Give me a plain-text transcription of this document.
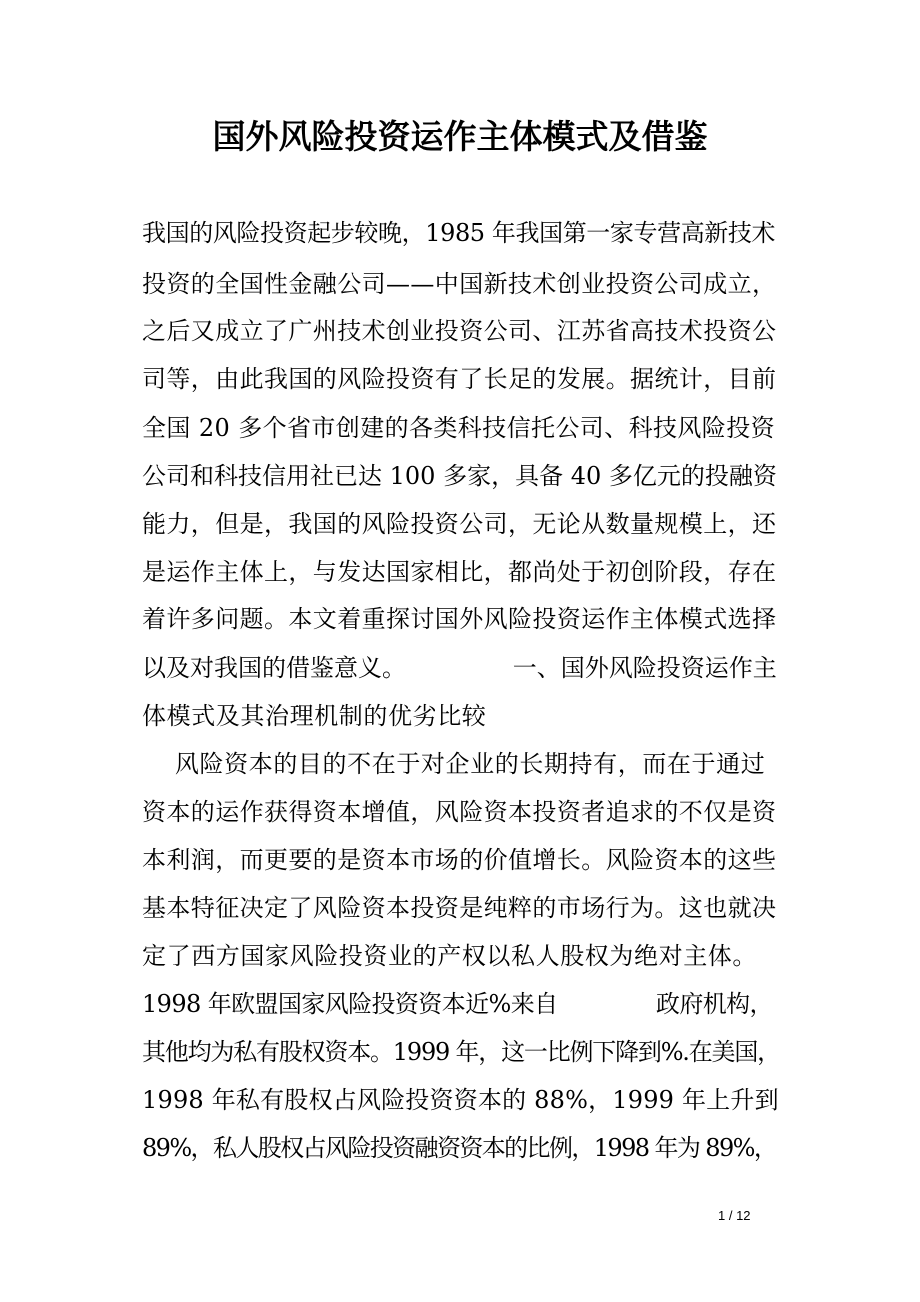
国外风险投资运作主体模式及借鉴
我国的风险投资起步较晚，1985 年我国第一家专营高新技术
投资的全国性金融公司——中国新技术创业投资公司成立，
之后又成立了广州技术创业投资公司、江苏省高技术投资公
司等，由此我国的风险投资有了长足的发展。据统计，目前
全国 20 多个省市创建的各类科技信托公司、科技风险投资
公司和科技信用社已达 100 多家，具备 40 多亿元的投融资
能力，但是，我国的风险投资公司，无论从数量规模上，还
是运作主体上，与发达国家相比，都尚处于初创阶段，存在
着许多问题。本文着重探讨国外风险投资运作主体模式选择
以及对我国的借鉴意义。              一、国外风险投资运作主
体模式及其治理机制的优劣比较
风险资本的目的不在于对企业的长期持有，而在于通过
资本的运作获得资本增值，风险资本投资者追求的不仅是资
本利润，而更要的是资本市场的价值增长。风险资本的这些
基本特征决定了风险资本投资是纯粹的市场行为。这也就决
定了西方国家风险投资业的产权以私人股权为绝对主体。
1998 年欧盟国家风险投资资本近%来自              政府机构，
其他均为私有股权资本。1999 年，这一比例下降到%.在美国，
1998 年私有股权占风险投资资本的 88%，1999 年上升到
89%，私人股权占风险投资融资资本的比例，1998 年为 89%，
1 / 12
